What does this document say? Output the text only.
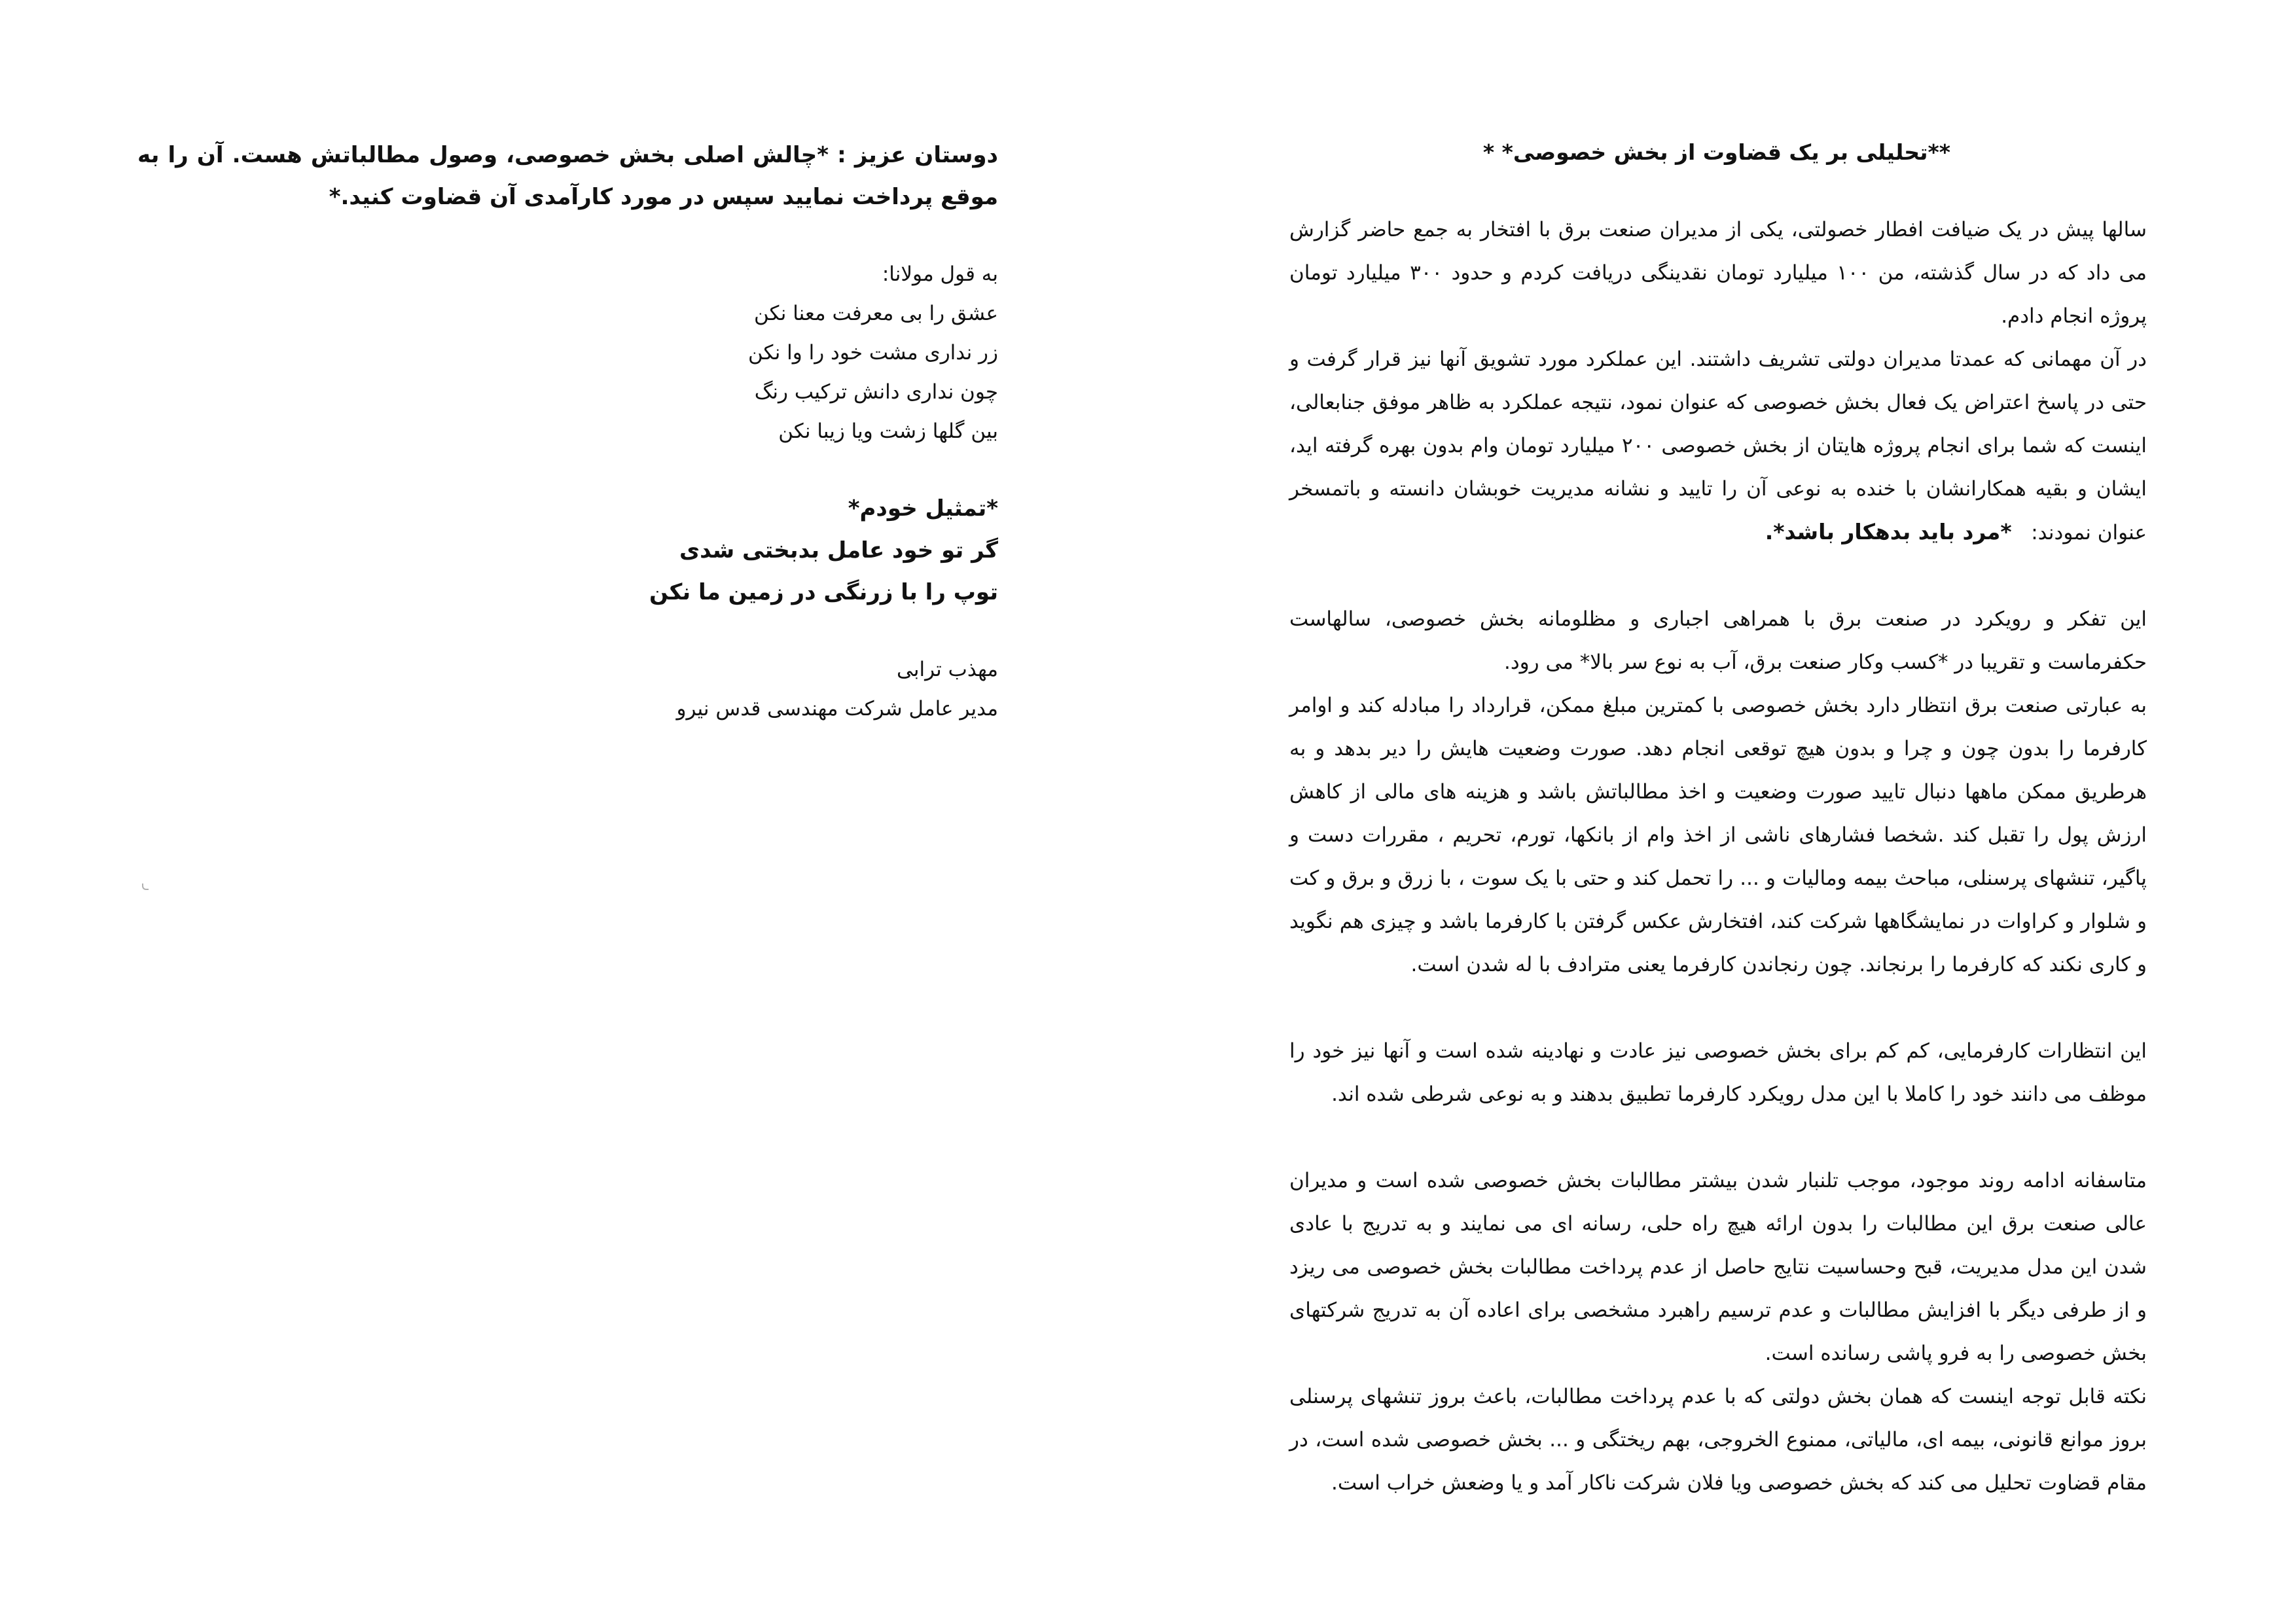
**تحلیلی بر یک قضاوت از بخش خصوصی* *

سالها پیش در یک ضیافت افطار خصولتی، یکی از مدیران صنعت برق با افتخار به جمع حاضر گزارش می داد که در سال گذشته، من ۱۰۰ میلیارد تومان نقدینگی دریافت کردم و حدود ۳۰۰ میلیارد تومان پروژه انجام دادم.

در آن مهمانی که عمدتا مدیران دولتی تشریف داشتند. این عملکرد مورد تشویق آنها نیز قرار گرفت و حتی در پاسخ اعتراض یک فعال بخش خصوصی که عنوان نمود، نتیجه عملکرد به ظاهر موفق جنابعالی، اینست که شما برای انجام پروژه هایتان از بخش خصوصی ۲۰۰ میلیارد تومان وام بدون بهره گرفته اید، ایشان و بقیه همکارانشان با خنده به نوعی آن را تایید و نشانه مدیریت خوبشان دانسته و باتمسخر عنوان نمودند:   *مرد باید بدهکار باشد*.

این تفکر و رویکرد در صنعت برق با همراهی اجباری و مظلومانه بخش خصوصی، سالهاست حکفرماست و تقریبا در *کسب وکار صنعت برق، آب به نوع سر بالا* می رود.

به عبارتی صنعت برق انتظار دارد بخش خصوصی با کمترین مبلغ ممکن، قرارداد را مبادله کند و اوامر کارفرما را بدون چون و چرا و بدون هیچ توقعی انجام دهد. صورت وضعیت هایش را دیر بدهد و به هرطریق ممکن ماهها دنبال تایید صورت وضعیت و اخذ مطالباتش باشد و هزینه های مالی از کاهش ارزش پول را تقبل کند .شخصا فشارهای ناشی از اخذ وام از بانکها، تورم، تحریم ، مقررات دست و پاگیر، تنشهای پرسنلی، مباحث بیمه ومالیات و ... را تحمل کند و حتی با یک سوت ، با زرق و برق و کت و شلوار و کراوات در نمایشگاهها شرکت کند، افتخارش عکس گرفتن با کارفرما باشد و چیزی هم نگوید و کاری نکند که کارفرما را برنجاند. چون رنجاندن کارفرما یعنی مترادف با له شدن است.

این انتظارات کارفرمایی، کم کم برای بخش خصوصی نیز عادت و نهادینه شده است و آنها نیز خود را موظف می دانند خود را کاملا با این مدل رویکرد کارفرما تطبیق بدهند و به نوعی شرطی شده اند.

متاسفانه ادامه روند موجود، موجب تلنبار شدن بیشتر مطالبات بخش خصوصی شده است و مدیران عالی صنعت برق این مطالبات را بدون ارائه هیچ راه حلی، رسانه ای می نمایند و به تدریج با عادی شدن این مدل مدیریت، قبح وحساسیت نتایج حاصل از عدم پرداخت مطالبات بخش خصوصی می ریزد و از طرفی دیگر با افزایش مطالبات و عدم ترسیم راهبرد مشخصی برای اعاده آن به تدریج شرکتهای بخش خصوصی را به فرو پاشی رسانده است.

نکته قابل توجه اینست که همان بخش دولتی که با عدم پرداخت مطالبات، باعث بروز تنشهای پرسنلی بروز موانع قانونی، بیمه ای، مالیاتی، ممنوع الخروجی، بهم ریختگی و ... بخش خصوصی شده است، در مقام قضاوت تحلیل می کند که بخش خصوصی ویا فلان شرکت ناکار آمد و یا وضعش خراب است.

دوستان عزیز : *چالش اصلی بخش خصوصی، وصول مطالباتش هست. آن را به موقع پرداخت نمایید سپس در مورد کارآمدی آن قضاوت کنید.*

به قول مولانا:
عشق را بی معرفت معنا نکن
زر نداری مشت خود را وا نکن
چون نداری دانش ترکیب رنگ
بین گلها زشت ویا زیبا نکن
*تمثیل خودم*
گر تو خود عامل بدبختی شدی
توپ را با زرنگی در زمین ما نکن
مهذب ترابی
مدیر عامل شرکت مهندسی قدس نیرو
